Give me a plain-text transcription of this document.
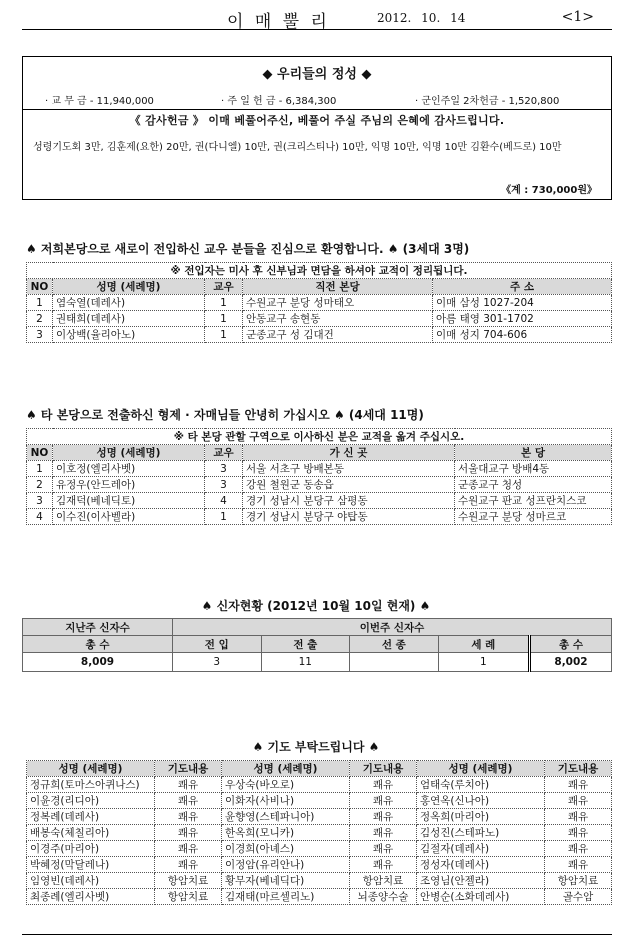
이 매 뿔 리	2012. 10. 14	<1>
◆ 우리들의 정성 ◆
· 교 무 금 - 11,940,000	· 주 일 헌 금 - 6,384,300	· 군인주일 2차헌금 - 1,520,800
《 감사헌금 》 이매 베풀어주신, 베풀어 주실 주님의 은혜에 감사드립니다.
성령기도회 3만, 김훈제(요한) 20만, 권(다니엘) 10만, 권(크리스티나) 10만, 익명 10만, 익명 10만 김환수(베드로) 10만
《계 : 730,000원》
♠ 저희본당으로 새로이 전입하신 교우 분들을 진심으로 환영합니다. ♠ (3세대 3명)
※ 전입자는 미사 후 신부님과 면담을 하셔야 교적이 정리됩니다.				
NO	성명 (세례명)	교우	직전 본당	주 소
1	염숙열(데레사)	1	수원교구 분당 성마태오	이매 삼성 1027-204
2	권태희(데레사)	1	안동교구 송현동	아름 태영 301-1702
3	이상백(율리아노)	1	군종교구 성 김대건	이매 성지 704-606
♠ 타 본당으로 전출하신 형제 · 자매님들 안녕히 가십시오 ♠ (4세대 11명)
※ 타 본당 관할 구역으로 이사하신 분은 교적을 옮겨 주십시오.				
NO	성명 (세례명)	교우	가 신 곳	본 당
1	이호정(엘리사벳)	3	서울 서초구 방배본동	서울대교구 방배4동
2	유정우(안드레아)	3	강원 철원군 동송읍	군종교구 청성
3	김재덕(베네딕토)	4	경기 성남시 분당구 삼평동	수원교구 판교 성프란치스코
4	이수진(이사벨라)	1	경기 성남시 분당구 야탑동	수원교구 분당 성마르코
♠ 신자현황 (2012년 10월 10일 현재) ♠
지난주 신자수	이번주 신자수				
총 수	전 입	전 출	선 종	세 례	총 수
8,009	3	11		1	8,002
♠ 기도 부탁드립니다 ♠
성명 (세례명)	기도내용	성명 (세례명)	기도내용	성명 (세례명)	기도내용
정규희(토마스아퀴나스)	쾌유	우상숙(바오로)	쾌유	엄태숙(루치아)	쾌유
이윤경(리디아)	쾌유	이화자(사비나)	쾌유	홍연옥(신나아)	쾌유
정복례(데레사)	쾌유	윤향영(스테파니아)	쾌유	정옥희(마리아)	쾌유
배봉숙(체칠리아)	쾌유	한옥희(모니카)	쾌유	김성진(스테파노)	쾌유
이경주(마리아)	쾌유	이경희(아녜스)	쾌유	김절자(데레사)	쾌유
박혜정(막달레나)	쾌유	이정암(유리안나)	쾌유	정성자(데레사)	쾌유
임영빈(데레사)	항암치료	황무자(베네딕다)	항암치료	조영님(안젤라)	항암치료
최종례(엘리사벳)	항암치료	김재태(마르셀리노)	뇌종양수술	안병순(소화데레사)	골수암
